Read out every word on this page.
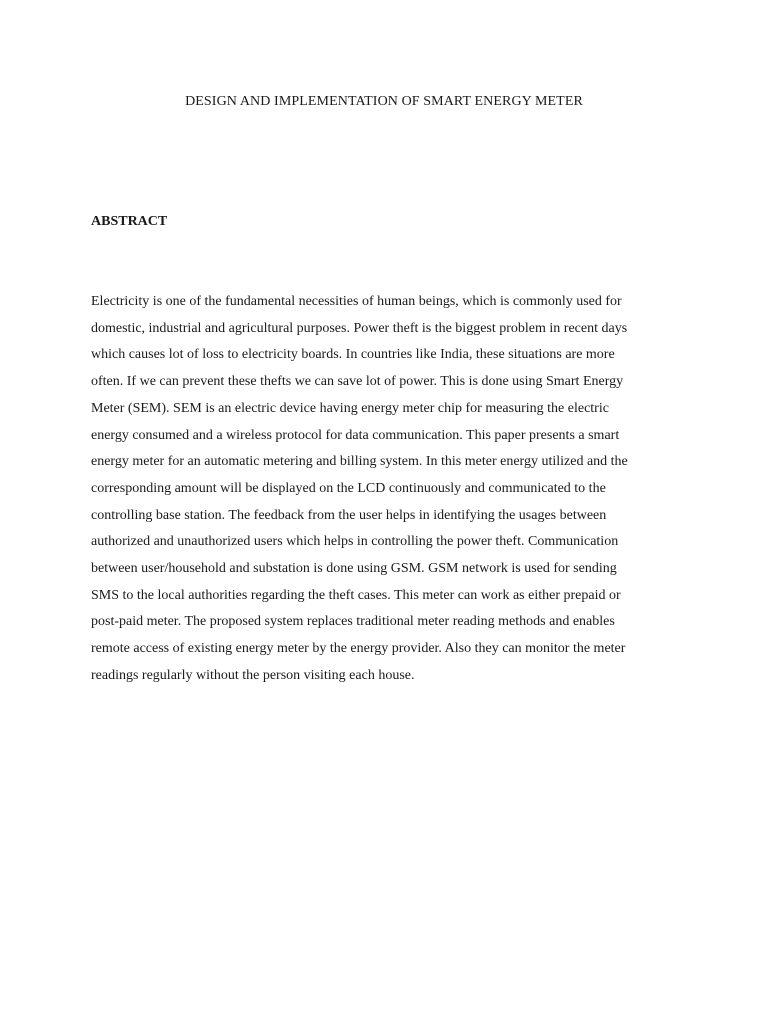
DESIGN AND IMPLEMENTATION OF SMART ENERGY METER
ABSTRACT

Electricity is one of the fundamental necessities of human beings, which is commonly used for
domestic, industrial and agricultural purposes. Power theft is the biggest problem in recent days
which causes lot of loss to electricity boards. In countries like India, these situations are more
often. If we can prevent these thefts we can save lot of power. This is done using Smart Energy
Meter (SEM). SEM is an electric device having energy meter chip for measuring the electric
energy consumed and a wireless protocol for data communication. This paper presents a smart
energy meter for an automatic metering and billing system. In this meter energy utilized and the
corresponding amount will be displayed on the LCD continuously and communicated to the
controlling base station. The feedback from the user helps in identifying the usages between
authorized and unauthorized users which helps in controlling the power theft. Communication
between user/household and substation is done using GSM. GSM network is used for sending
SMS to the local authorities regarding the theft cases. This meter can work as either prepaid or
post-paid meter. The proposed system replaces traditional meter reading methods and enables
remote access of existing energy meter by the energy provider. Also they can monitor the meter
readings regularly without the person visiting each house.
